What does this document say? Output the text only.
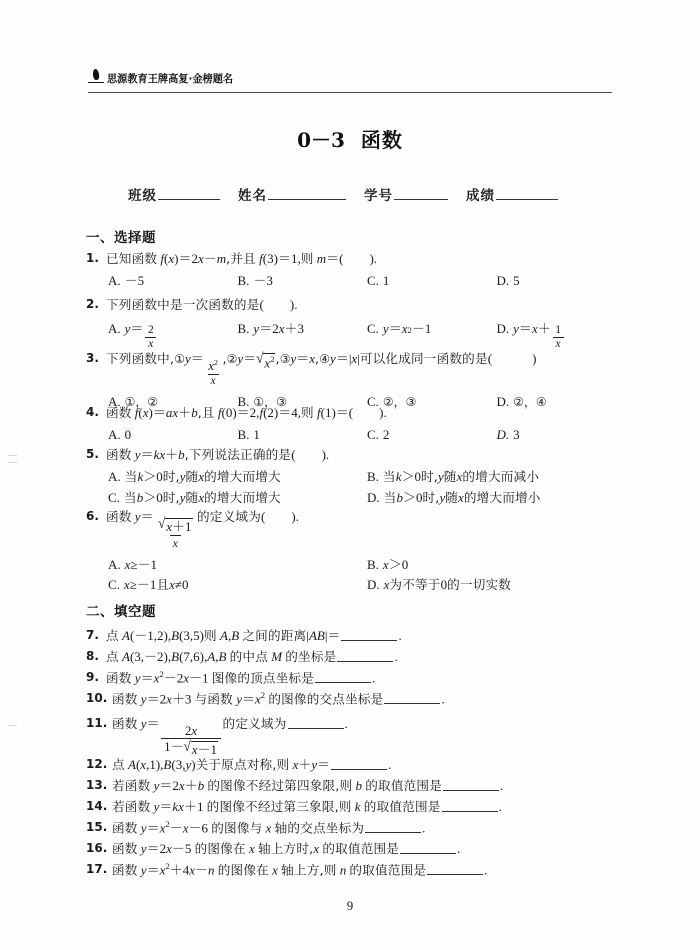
思源教育王牌高复·金榜题名
0－3 函数
班级	姓名	学号	成绩
一、选择题
1. 已知函数 f(x)＝2x－m,并且 f(3)＝1,则 m＝( ).
A. －5	B. －3	C. 1	D. 5
2. 下列函数中是一次函数的是( ).
A. $y = \frac{2}{x}$	B. y ＝2 x ＋3	C. y ＝ x 2 －1	D. $y = x + \frac{1}{x}$
3. 下列函数中,①y＝
$\frac{x^2}{x}$
,②y＝ √ $x^2$ ,③y＝x,④y＝|x|可以化成同一函数的是(	)
A. ①，②	B. ①，③	C. ②，③	D. ②，④
4. 函数 f(x)＝ax＋b,且 f(0)＝2,f(2)＝4,则 f(1)＝( ).
A. 0	B. 1	C. 2	D. 3
5. 函数 y＝kx＋b,下列说法正确的是( ).
A. 当 k ＞0 时, y 随 x 的增大而增大	B. 当 k ＞0 时, y 随 x 的增大而减小
C. 当 b ＞0 时, y 随 x 的增大而增大	D. 当 b ＞0 时, y 随 x 的增大而增小
6. 函数 y＝
$\frac{√ x+1}{x}$
的定义域为( ).
A. x ≥－1	B. x ＞0
C. x ≥－1 且 x ≠0	D. x 为不等于 0 的一切实数
二、填空题
7. 点 A(－1,2),B(3,5)则 A,B 之间的距离|AB|＝	.
8. 点 A(3,－2),B(7,6),A,B 的中点 M 的坐标是	.
9. 函数 $y=x^2-2x-1$ 图像的顶点坐标是	.
10. 函数 y＝2x＋3 与函数 $y=x^2$ 的图像的交点坐标是	.
11. 函数 y＝
$\frac{2x}{1- √ x-1}$
的定义域为	.
12. 点 A(x,1),B(3,y)关于原点对称,则 x＋y＝	.
13. 若函数 y＝2x＋b 的图像不经过第四象限,则 b 的取值范围是	.
14. 若函数 y＝kx＋1 的图像不经过第三象限,则 k 的取值范围是	.
15. 函数 $y=x^2-x-6$ 的图像与 x 轴的交点坐标为	.
16. 函数 y＝2x－5 的图像在 x 轴上方时,x 的取值范围是	.
17. 函数 $y=x^2+4x-n$ 的图像在 x 轴上方,则 n 的取值范围是	.
9
